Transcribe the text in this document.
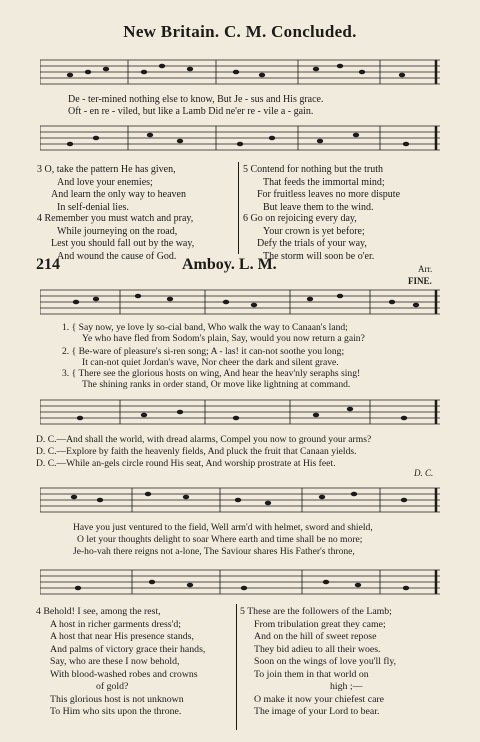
New Britain. C. M. Concluded.
De - ter-mined nothing else to know, But Je - sus and His grace.
Oft - en re - viled, but like a Lamb Did ne'er re - vile a - gain.
3 O, take the pattern He has given,
And love your enemies;
And learn the only way to heaven
In self-denial lies.
4 Remember you must watch and pray,
While journeying on the road,
Lest you should fall out by the way,
And wound the cause of God.
5 Contend for nothing but the truth
That feeds the immortal mind;
For fruitless leaves no more dispute
But leave them to the wind.
6 Go on rejoicing every day,
Your crown is yet before;
Defy the trials of your way,
The storm will soon be o'er.
214	Amboy. L. M.	Arr.
FINE.
1. { Say now, ye love ly so-cial band, Who walk the way to Canaan's land;
Ye who have fled from Sodom's plain, Say, would you now return a gain?
2. { Be-ware of pleasure's si-ren song; A - las! it can-not soothe you long;
It can-not quiet Jordan's wave, Nor cheer the dark and silent grave.
3. { There see the glorious hosts on wing, And hear the heav'nly seraphs sing!
The shining ranks in order stand, Or move like lightning at command.
D. C.—And shall the world, with dread alarms, Compel you now to ground your arms?
D. C.—Explore by faith the heavenly fields, And pluck the fruit that Canaan yields.
D. C.—While an-gels circle round His seat, And worship prostrate at His feet.
D. C.
Have you just ventured to the field, Well arm'd with helmet, sword and shield,
O let your thoughts delight to soar Where earth and time shall be no more;
Je-ho-vah there reigns not a-lone, The Saviour shares His Father's throne,
4 Behold! I see, among the rest,
A host in richer garments dress'd;
A host that near His presence stands,
And palms of victory grace their hands,
Say, who are these I now behold,
With blood-washed robes and crowns
of gold?
This glorious host is not unknown
To Him who sits upon the throne.
5 These are the followers of the Lamb;
From tribulation great they came;
And on the hill of sweet repose
They bid adieu to all their woes.
Soon on the wings of love you'll fly,
To join them in that world on
high ;—
O make it now your chiefest care
The image of your Lord to bear.
